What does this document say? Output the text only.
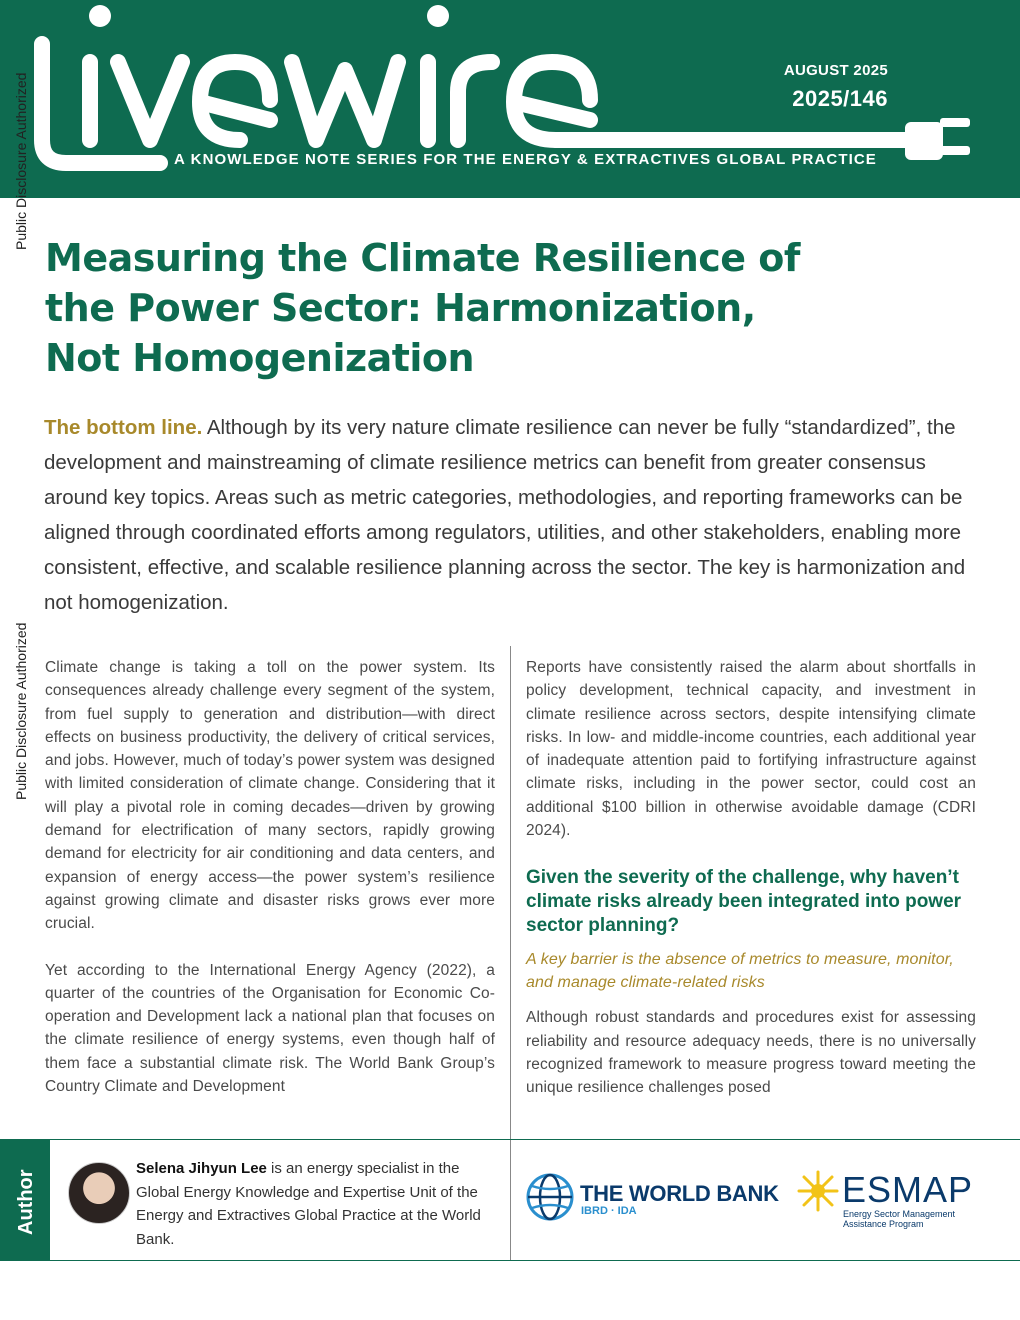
AUGUST 2025
2025/146
A KNOWLEDGE NOTE SERIES FOR THE ENERGY & EXTRACTIVES GLOBAL PRACTICE
Public Disclosure Authorized
Public Disclosure Authorized
Measuring the Climate Resilience of
the Power Sector: Harmonization,
Not Homogenization
The bottom line. Although by its very nature climate resilience can never be fully “standardized”, the development and mainstreaming of climate resilience metrics can benefit from greater consensus around key topics. Areas such as metric categories, methodologies, and reporting frameworks can be aligned through coordinated efforts among regulators, utilities, and other stakeholders, enabling more consistent, effective, and scalable resilience planning across the sector. The key is harmonization and not homogenization.

Climate change is taking a toll on the power system. Its consequences already challenge every segment of the system, from fuel supply to generation and distribution—with direct effects on business productivity, the delivery of critical services, and jobs. However, much of today’s power system was designed with limited consideration of climate change. Considering that it will play a pivotal role in coming decades—driven by growing demand for electrification of many sectors, rapidly growing demand for electricity for air conditioning and data centers, and expansion of energy access—the power system’s resilience against growing climate and disaster risks grows ever more crucial.

Yet according to the International Energy Agency (2022), a quarter of the countries of the Organisation for Economic Co-operation and Development lack a national plan that focuses on the climate resilience of energy systems, even though half of them face a substantial climate risk. The World Bank Group’s Country Climate and Development

Reports have consistently raised the alarm about shortfalls in policy development, technical capacity, and investment in climate resilience across sectors, despite intensifying climate risks. In low- and middle-income countries, each additional year of inadequate attention paid to fortifying infrastructure against climate risks, including in the power sector, could cost an additional $100 billion in otherwise avoidable damage (CDRI 2024).

Given the severity of the challenge, why haven’t climate risks already been integrated into power sector planning?

A key barrier is the absence of metrics to measure, monitor, and manage climate-related risks

Although robust standards and procedures exist for assessing reliability and resource adequacy needs, there is no universally recognized framework to measure progress toward meeting the unique resilience challenges posed

Author
Selena Jihyun Lee is an energy specialist in the Global Energy Knowledge and Expertise Unit of the Energy and Extractives Global Practice at the World Bank.
THE WORLD BANK
IBRD · IDA
ESMAP
Energy Sector Management Assistance Program
